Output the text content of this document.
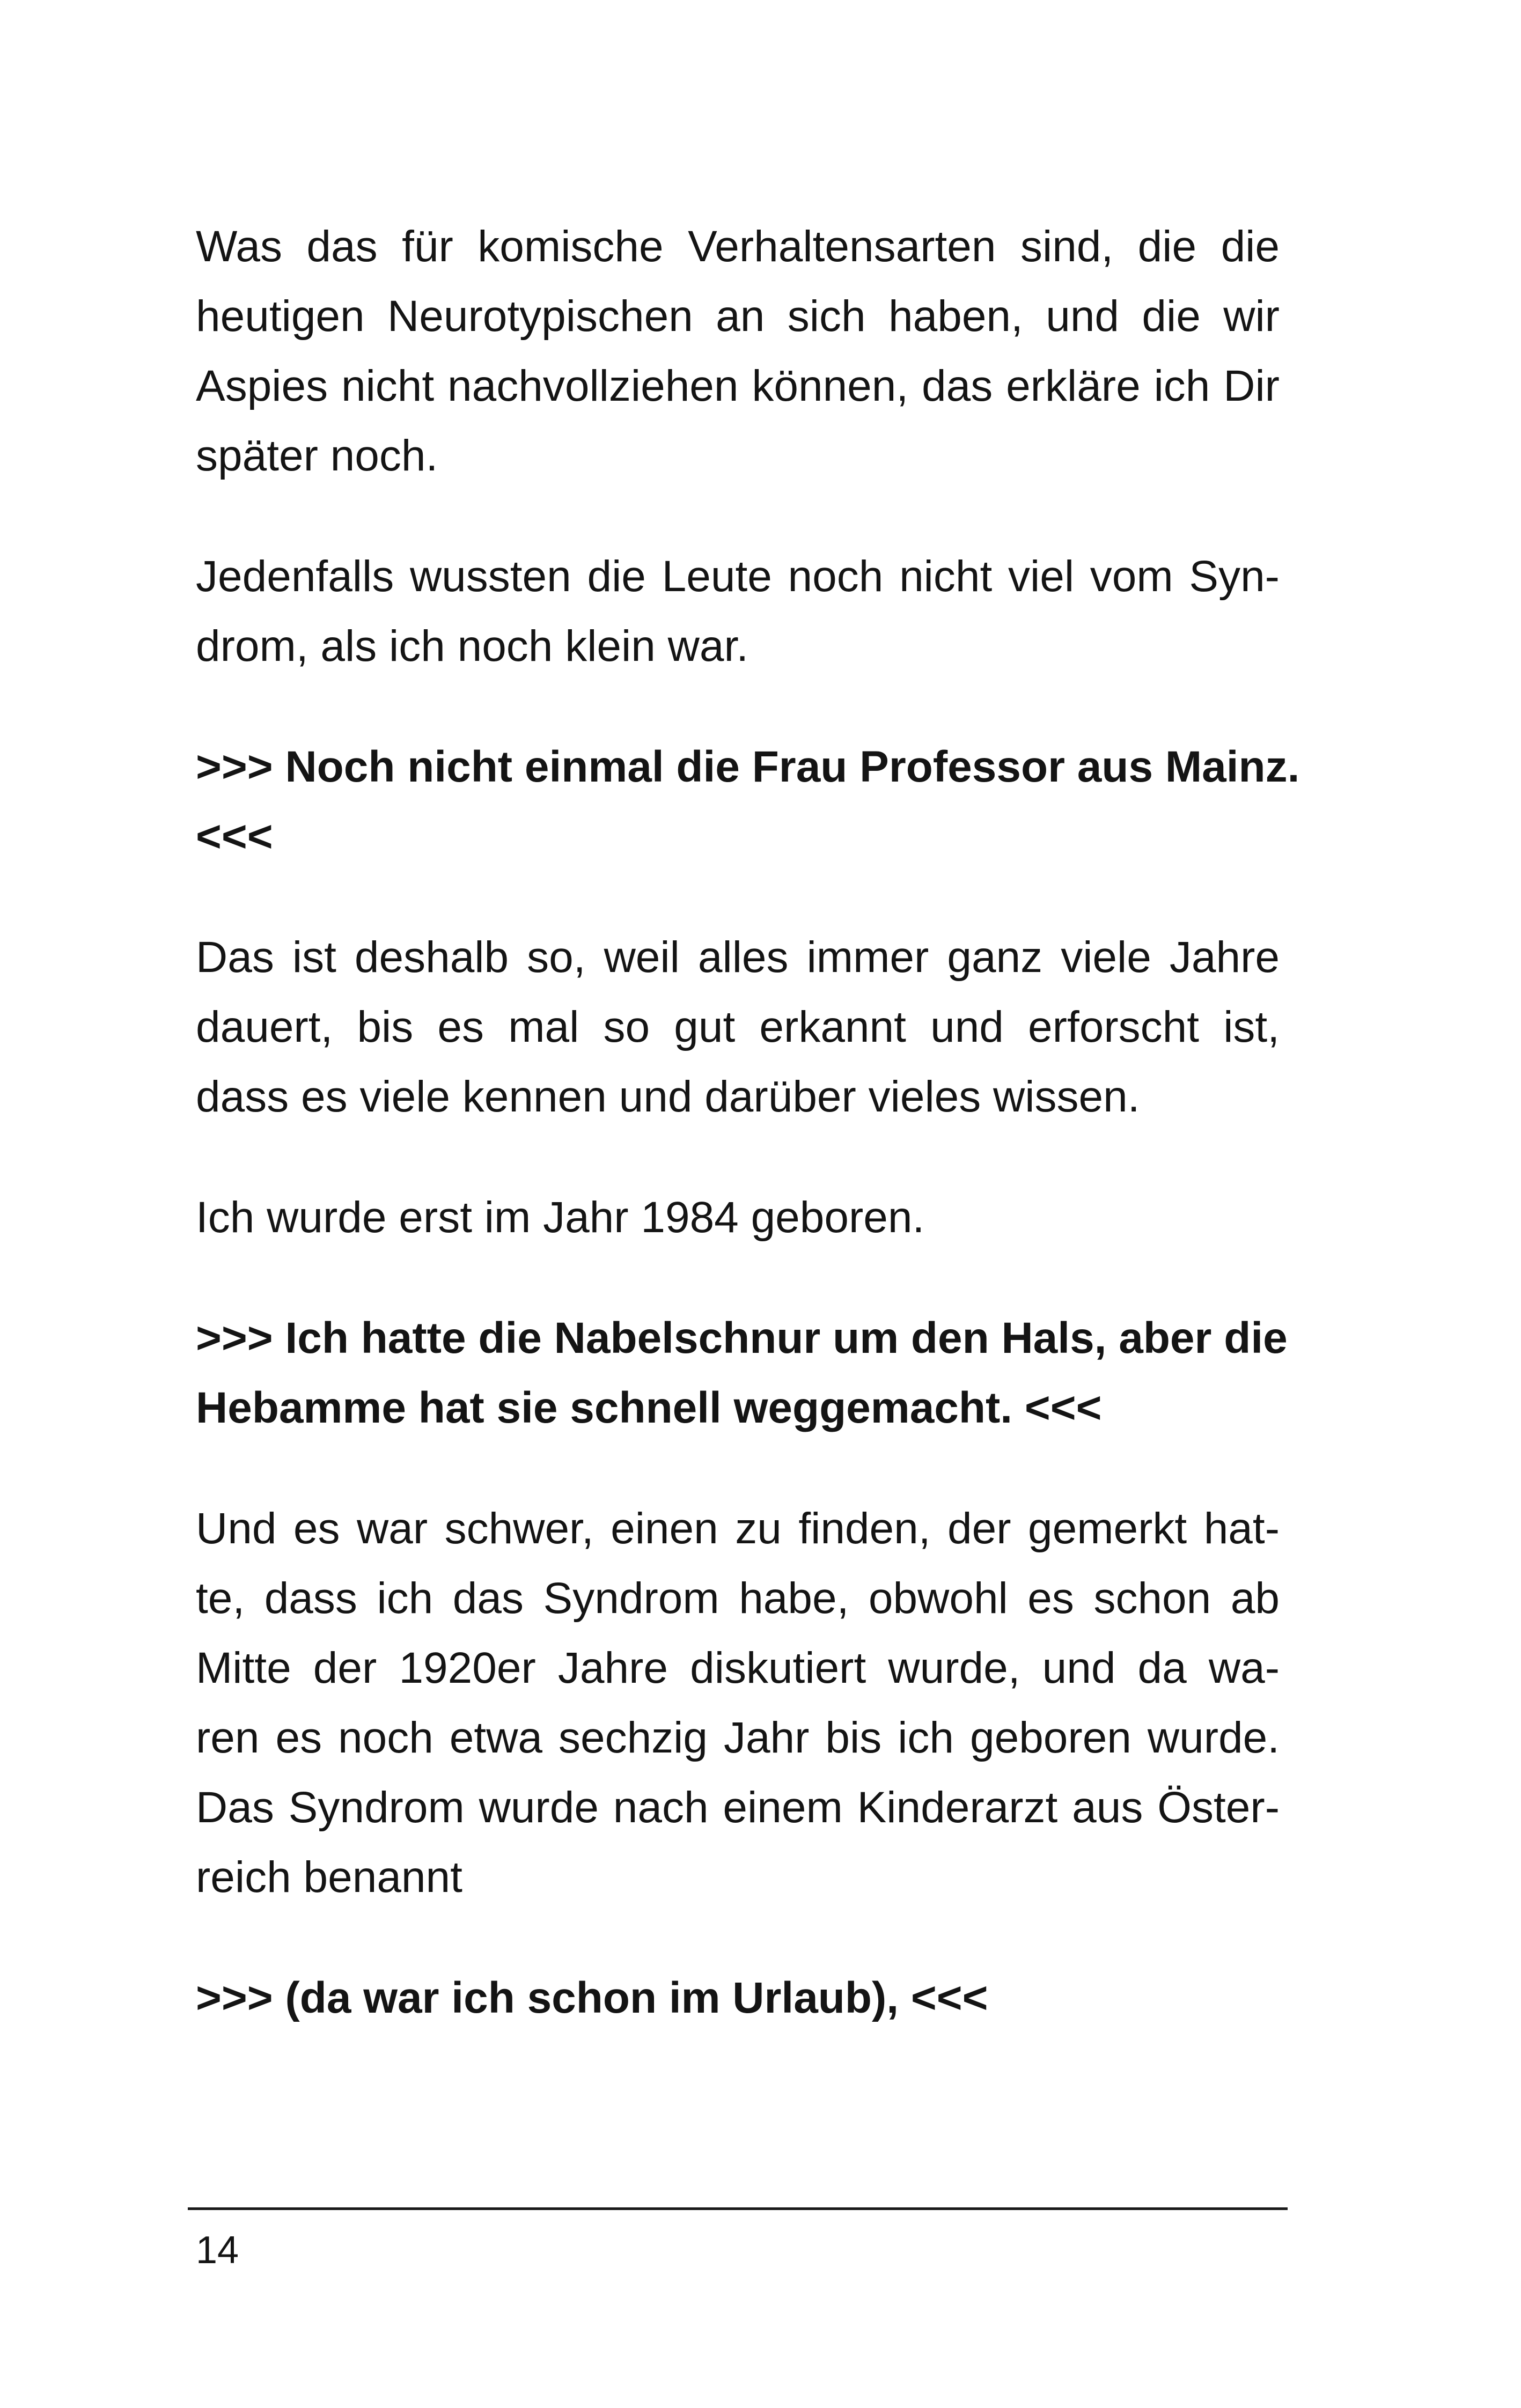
Was das für komische Verhaltensarten sind, die die
heutigen Neurotypischen an sich haben, und die wir
Aspies nicht nachvollziehen können, das erkläre ich Dir
später noch.

Jedenfalls wussten die Leute noch nicht viel vom Syn-
drom, als ich noch klein war.

>>> Noch nicht einmal die Frau Professor aus Mainz.
<<<

Das ist deshalb so, weil alles immer ganz viele Jahre
dauert, bis es mal so gut erkannt und erforscht ist,
dass es viele kennen und darüber vieles wissen.

Ich wurde erst im Jahr 1984 geboren.

>>> Ich hatte die Nabelschnur um den Hals, aber die
Hebamme hat sie schnell weggemacht. <<<

Und es war schwer, einen zu finden, der gemerkt hat-
te, dass ich das Syndrom habe, obwohl es schon ab
Mitte der 1920er Jahre diskutiert wurde, und da wa-
ren es noch etwa sechzig Jahr bis ich geboren wurde.
Das Syndrom wurde nach einem Kinderarzt aus Öster-
reich benannt

>>> (da war ich schon im Urlaub), <<<

14
